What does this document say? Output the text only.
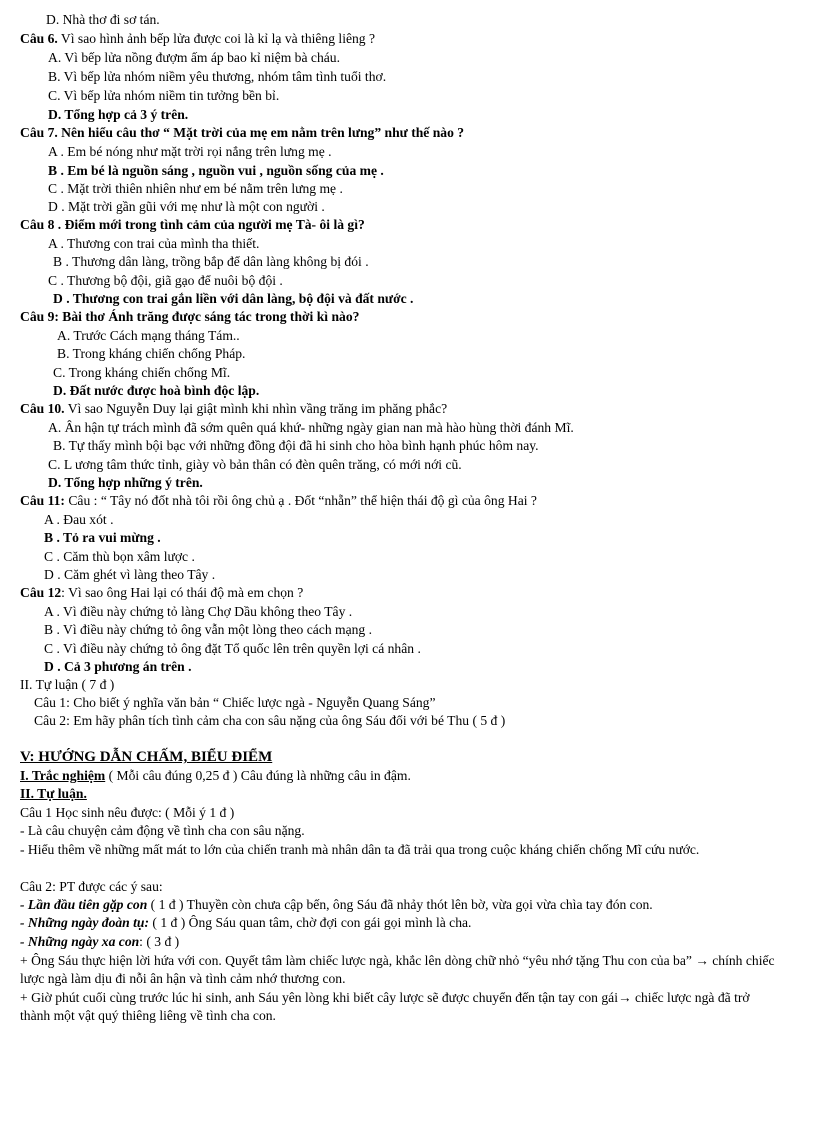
D. Nhà thơ đi sơ tán.
Câu 6. Vì sao hình ảnh bếp lửa được coi là kỉ lạ và thiêng liêng ?
A. Vì bếp lửa nồng đượm ấm áp bao kỉ niệm bà cháu.
B. Vì bếp lửa nhóm niềm yêu thương, nhóm tâm tình tuổi thơ.
C. Vì bếp lửa nhóm niềm tin tưởng bền bỉ.
D. Tổng hợp cả 3 ý trên.
Câu 7. Nên hiểu câu thơ “ Mặt trời của mẹ em nằm trên lưng” như thế nào ?
A . Em bé nóng như mặt trời rọi nắng trên lưng mẹ .
B . Em bé là nguồn sáng , nguồn vui , nguồn sống của mẹ .
C . Mặt trời thiên nhiên như em bé nằm trên lưng mẹ .
D . Mặt trời gần gũi với mẹ như là một con người .
Câu 8 . Điểm mới trong tình cảm của người mẹ Tà- ôi là gì?
A . Thương con trai của mình tha thiết.
B . Thương dân làng, trồng bắp để dân làng không bị đói .
C . Thương bộ đội, giã gạo để nuôi bộ đội .
D . Thương con trai gắn liền với dân làng, bộ đội và đất nước .
Câu 9: Bài thơ Ánh trăng được sáng tác trong thời kì nào?
A. Trước Cách mạng tháng Tám..
B. Trong kháng chiến chống Pháp.
C. Trong kháng chiến chống Mĩ.
D. Đất nước được hoà bình độc lập.
Câu 10. Vì sao Nguyễn Duy lại giật mình khi nhìn vầng trăng im phăng phắc?
A. Ân hận tự trách mình đã sớm quên quá khứ- những ngày gian nan mà hào hùng thời đánh Mĩ.
B. Tự thấy mình bội bạc với những đồng đội đã hi sinh cho hòa bình hạnh phúc hôm nay.
C. L ương tâm thức tỉnh, giày vò bản thân có đèn quên trăng, có mới nới cũ.
D. Tổng hợp những ý trên.
Câu 11: Câu : “ Tây nó đốt nhà tôi rồi ông chủ ạ . Đốt “nhẵn” thể hiện thái độ gì của ông Hai ?
A . Đau xót .
B . Tỏ ra vui mừng .
C . Căm thù bọn xâm lược .
D . Căm ghét vì làng theo Tây .
Câu 12: Vì sao ông Hai lại có thái độ mà em chọn ?
A . Vì điều này chứng tỏ làng Chợ Dầu không theo Tây .
B . Vì điều này chứng tỏ ông vẫn một lòng theo cách mạng .
C . Vì điều này chứng tỏ ông đặt Tổ quốc lên trên quyền lợi cá nhân .
D . Cả 3 phương án trên .
II. Tự luận ( 7 đ )
Câu 1: Cho biết ý nghĩa văn bản “ Chiếc lược ngà - Nguyễn Quang Sáng”
Câu 2: Em hãy phân tích tình cảm cha con sâu nặng của ông Sáu đối với bé Thu ( 5 đ )
V: HƯỚNG DẪN CHẤM, BIỂU ĐIỂM
I. Trắc nghiệm ( Mỗi câu đúng 0,25 đ ) Câu đúng là những câu in đậm.
II. Tự luận.
Câu 1 Học sinh nêu được: ( Mỗi ý 1 đ )
- Là câu chuyện cảm động về tình cha con sâu nặng.
- Hiểu thêm về những mất mát to lớn của chiến tranh mà nhân dân ta đã trải qua trong cuộc kháng chiến chống Mĩ cứu nước.
Câu 2: PT được các ý sau:
- Lần đầu tiên gặp con ( 1 đ ) Thuyền còn chưa cập bến, ông Sáu đã nhảy thót lên bờ, vừa gọi vừa chìa tay đón con.
- Những ngày đoàn tụ: ( 1 đ ) Ông Sáu quan tâm, chờ đợi con gái gọi mình là cha.
- Những ngày xa con: ( 3 đ )
+ Ông Sáu thực hiện lời hứa với con. Quyết tâm làm chiếc lược ngà, khắc lên dòng chữ nhỏ “yêu nhớ tặng Thu con của ba” → chính chiếc lược ngà làm dịu đi nỗi ân hận và tình cảm nhớ thương con.
+ Giờ phút cuối cùng trước lúc hi sinh, anh Sáu yên lòng khi biết cây lược sẽ được chuyển đến tận tay con gái→ chiếc lược ngà đã trở thành một vật quý thiêng liêng về tình cha con.
